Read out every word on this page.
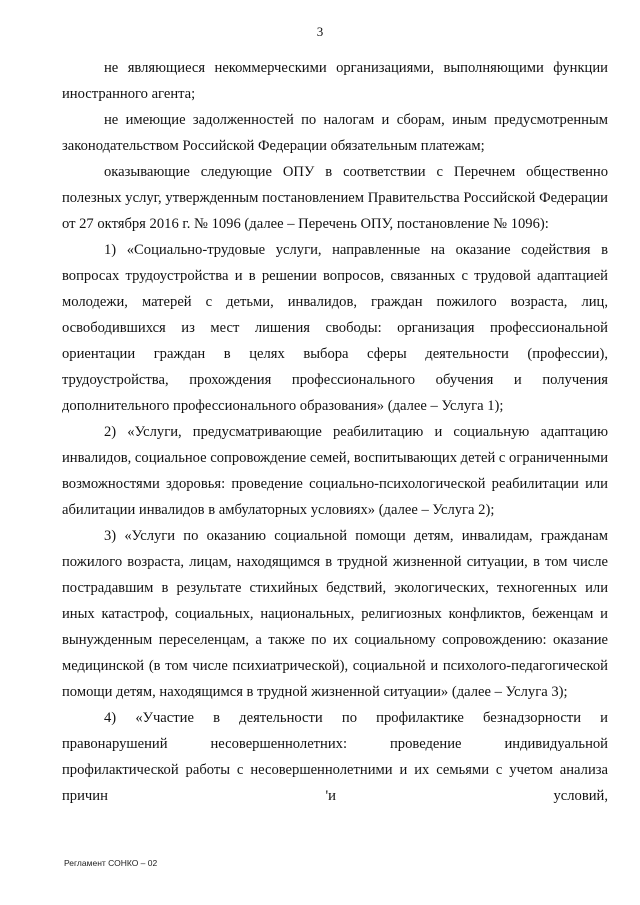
3

не являющиеся некоммерческими организациями, выполняющими функции иностранного агента;

не имеющие задолженностей по налогам и сборам, иным предусмотренным законодательством Российской Федерации обязательным платежам;

оказывающие следующие ОПУ в соответствии с Перечнем общественно полезных услуг, утвержденным постановлением Правительства Российской Федерации от 27 октября 2016 г. № 1096 (далее – Перечень ОПУ, постановление № 1096):

1) «Социально-трудовые услуги, направленные на оказание содействия в вопросах трудоустройства и в решении вопросов, связанных с трудовой адаптацией молодежи, матерей с детьми, инвалидов, граждан пожилого возраста, лиц, освободившихся из мест лишения свободы: организация профессиональной ориентации граждан в целях выбора сферы деятельности (профессии), трудоустройства, прохождения профессионального обучения и получения дополнительного профессионального образования» (далее – Услуга 1);

2) «Услуги, предусматривающие реабилитацию и социальную адаптацию инвалидов, социальное сопровождение семей, воспитывающих детей с ограниченными возможностями здоровья: проведение социально-психологической реабилитации или абилитации инвалидов в амбулаторных условиях» (далее – Услуга 2);

3) «Услуги по оказанию социальной помощи детям, инвалидам, гражданам пожилого возраста, лицам, находящимся в трудной жизненной ситуации, в том числе пострадавшим в результате стихийных бедствий, экологических, техногенных или иных катастроф, социальных, национальных, религиозных конфликтов, беженцам и вынужденным переселенцам, а также по их социальному сопровождению: оказание медицинской (в том числе психиатрической), социальной и психолого-педагогической помощи детям, находящимся в трудной жизненной ситуации» (далее – Услуга 3);

4) «Участие в деятельности по профилактике безнадзорности и правонарушений несовершеннолетних: проведение индивидуальной профилактической работы с несовершеннолетними и их семьями с учетом анализа причин 'и условий,

Регламент СОНКО – 02
